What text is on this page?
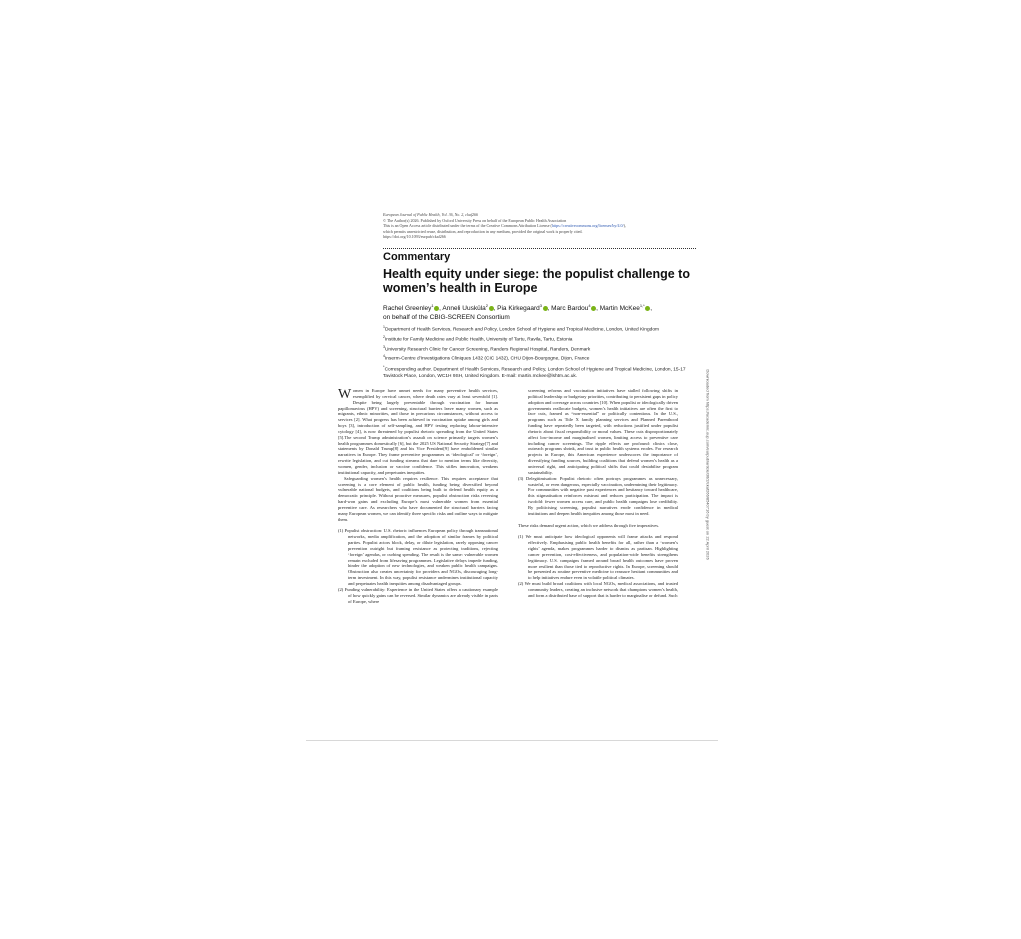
European Journal of Public Health, Vol. 36, No. 2, ckaf266
© The Author(s) 2026. Published by Oxford University Press on behalf of the European Public Health Association
This is an Open Access article distributed under the terms of the Creative Commons Attribution License (https://creativecommons.org/licenses/by/4.0/),
which permits unrestricted reuse, distribution, and reproduction in any medium, provided the original work is properly cited.
https://doi.org/10.1093/eurpub/ckaf266
Commentary
Health equity under siege: the populist challenge to women’s health in Europe
Rachel Greenley$^1$ , Anneli Uusküla$^2$ , Pia Kirkegaard$^3$ , Marc Bardou$^4$ , Martin McKee$^{1,*}$ ,
on behalf of the CBIG-SCREEN Consortium
$^1$Department of Health Services, Research and Policy, London School of Hygiene and Tropical Medicine, London, United Kingdom
$^2$Institute for Family Medicine and Public Health, University of Tartu, Ravila, Tartu, Estonia
$^3$University Research Clinic for Cancer Screening, Randers Regional Hospital, Randers, Denmark
$^4$Inserm-Centre d’Investigations Cliniques 1432 (CIC 1432), CHU Dijon-Bourgogne, Dijon, France
*Corresponding author. Department of Health Services, Research and Policy, London School of Hygiene and Tropical Medicine, London, 15-17 Tavistock Place, London, WC1H 9SH, United Kingdom. E-mail: martin.mckee@lshtm.ac.uk.	Downloaded from https://academic.oup.com/eurpub/article/36/2/ckaf266/8540716 by guest on 22 April 2026

Women in Europe have unmet needs for many preventive health services, exemplified by cervical cancer, where death rates vary at least sevenfold [1]. Despite being largely preventable through vaccination for human papillomavirus (HPV) and screening, structural barriers leave many women, such as migrants, ethnic minorities, and those in precarious circumstances, without access to services [2]. What progress has been achieved in vaccination uptake among girls and boys [3], introduction of self-sampling, and HPV testing replacing labour-intensive cytology [4], is now threatened by populist rhetoric spreading from the United States [5].The second Trump administration’s assault on science primarily targets women’s health programmes domestically [6], but the 2025 US National Security Strategy[7] and statements by Donald Trump[8] and his Vice President[9] have emboldened similar narratives in Europe. They frame preventive programmes as ‘ideological’ or ‘foreign’, rewrite legislation, and cut funding streams that dare to mention terms like diversity, women, gender, inclusion or vaccine confidence. This stifles innovation, weakens institutional capacity, and perpetuates inequities.

Safeguarding women’s health requires resilience. This requires acceptance that screening is a core element of public health, funding being diversified beyond vulnerable national budgets, and coalitions being built to defend health equity as a democratic principle. Without proactive measures, populist obstruction risks reversing hard-won gains and excluding Europe’s most vulnerable women from essential preventive care. As researchers who have documented the structural barriers facing many European women, we can identify three specific risks and outline ways to mitigate them.

(1) Populist obstruction: U.S. rhetoric influences European policy through transnational networks, media amplification, and the adoption of similar frames by political parties. Populist actors block, delay, or dilute legislation, rarely opposing cancer prevention outright but framing resistance as protecting traditions, rejecting ‘foreign’ agendas, or curbing spending. The result is the same: vulnerable women remain excluded from lifesaving programmes. Legislative delays impede funding, hinder the adoption of new technologies, and weaken public health campaigns. Obstruction also creates uncertainty for providers and NGOs, discouraging long-term investment. In this way, populist resistance undermines institutional capacity and perpetuates health inequities among disadvantaged groups.
(2) Funding vulnerability: Experience in the United States offers a cautionary example of how quickly gains can be reversed. Similar dynamics are already visible in parts of Europe, where

screening reforms and vaccination initiatives have stalled following shifts in political leadership or budgetary priorities, contributing to persistent gaps in policy adoption and coverage across countries [10]. When populist or ideologically driven governments reallocate budgets, women’s health initiatives are often the first to face cuts, framed as “non-essential” or politically contentious. In the U.S., programs such as Title X family planning services and Planned Parenthood funding have repeatedly been targeted, with reductions justified under populist rhetoric about fiscal responsibility or moral values. These cuts disproportionately affect low-income and marginalised women, limiting access to preventive care including cancer screenings. The ripple effects are profound: clinics close, outreach programs shrink, and trust in public health systems erodes. For research projects in Europe, this American experience underscores the importance of diversifying funding sources, building coalitions that defend women’s health as a universal right, and anticipating political shifts that could destabilise program sustainability.

(3) Delegitimisation: Populist rhetoric often portrays programmes as unnecessary, wasteful, or even dangerous, especially vaccination, undermining their legitimacy. For communities with negative past experiences and hesitancy toward healthcare, this stigmatisation reinforces mistrust and reduces participation. The impact is twofold: fewer women access care, and public health campaigns lose credibility. By politicising screening, populist narratives erode confidence in medical institutions and deepen health inequities among those most in need.

These risks demand urgent action, which we address through five imperatives.

(1) We must anticipate how ideological opponents will frame attacks and respond effectively. Emphasising public health benefits for all, rather than a ‘women’s rights’ agenda, makes programmes harder to dismiss as partisan. Highlighting cancer prevention, cost-effectiveness, and population-wide benefits strengthens legitimacy. U.S. campaigns framed around broad health outcomes have proven more resilient than those tied to reproductive rights. In Europe, screening should be presented as routine preventive medicine to reassure hesitant communities and to help initiatives endure even in volatile political climates.
(2) We must build broad coalitions with local NGOs, medical associations, and trusted community leaders, creating an inclusive network that champions women’s health, and form a distributed base of support that is harder to marginalise or defund. Such
